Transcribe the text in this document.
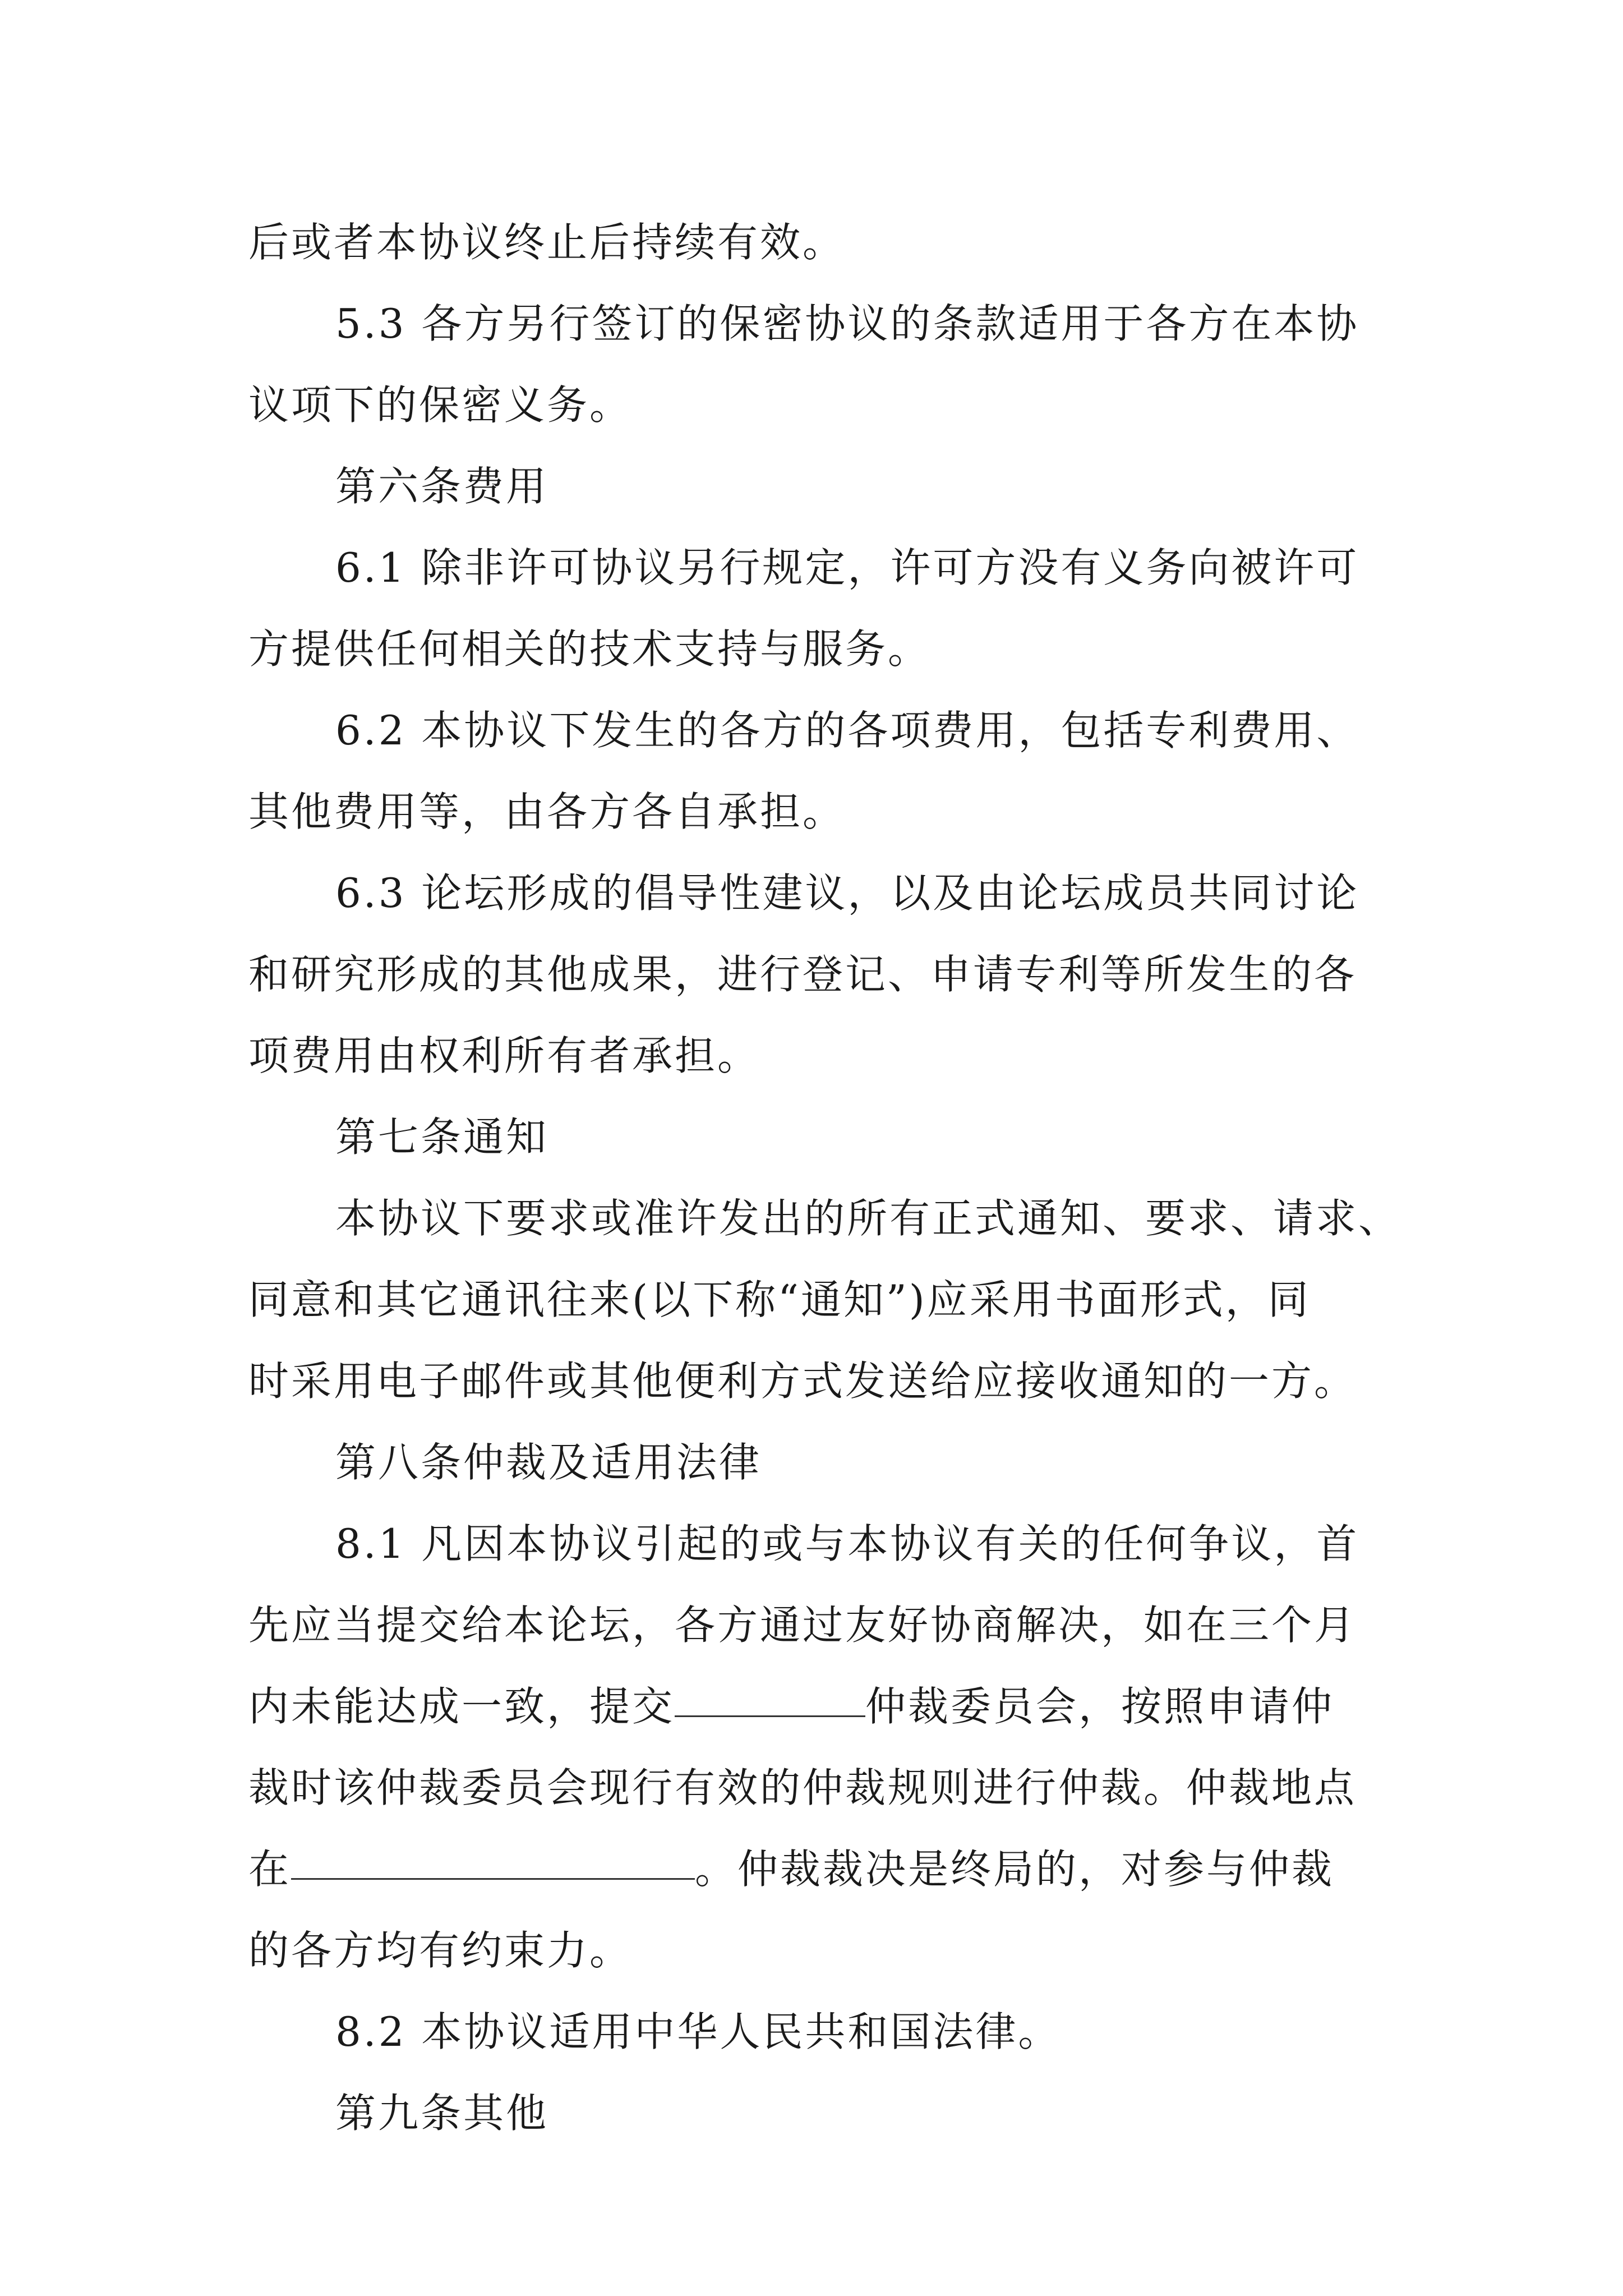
后或者本协议终止后持续有效。
5.3 各方另行签订的保密协议的条款适用于各方在本协
议项下的保密义务。
第六条费用
6.1 除非许可协议另行规定，许可方没有义务向被许可
方提供任何相关的技术支持与服务。
6.2 本协议下发生的各方的各项费用，包括专利费用、
其他费用等，由各方各自承担。
6.3 论坛形成的倡导性建议，以及由论坛成员共同讨论
和研究形成的其他成果，进行登记、申请专利等所发生的各
项费用由权利所有者承担。
第七条通知
本协议下要求或准许发出的所有正式通知、要求、请求、
同意和其它通讯往来(以下称“通知”)应采用书面形式，同
时采用电子邮件或其他便利方式发送给应接收通知的一方。
第八条仲裁及适用法律
8.1 凡因本协议引起的或与本协议有关的任何争议，首
先应当提交给本论坛，各方通过友好协商解决，如在三个月
内未能达成一致，提交	仲裁委员会，按照申请仲
裁时该仲裁委员会现行有效的仲裁规则进行仲裁。仲裁地点
在	。仲裁裁决是终局的，对参与仲裁
的各方均有约束力。
8.2 本协议适用中华人民共和国法律。
第九条其他
